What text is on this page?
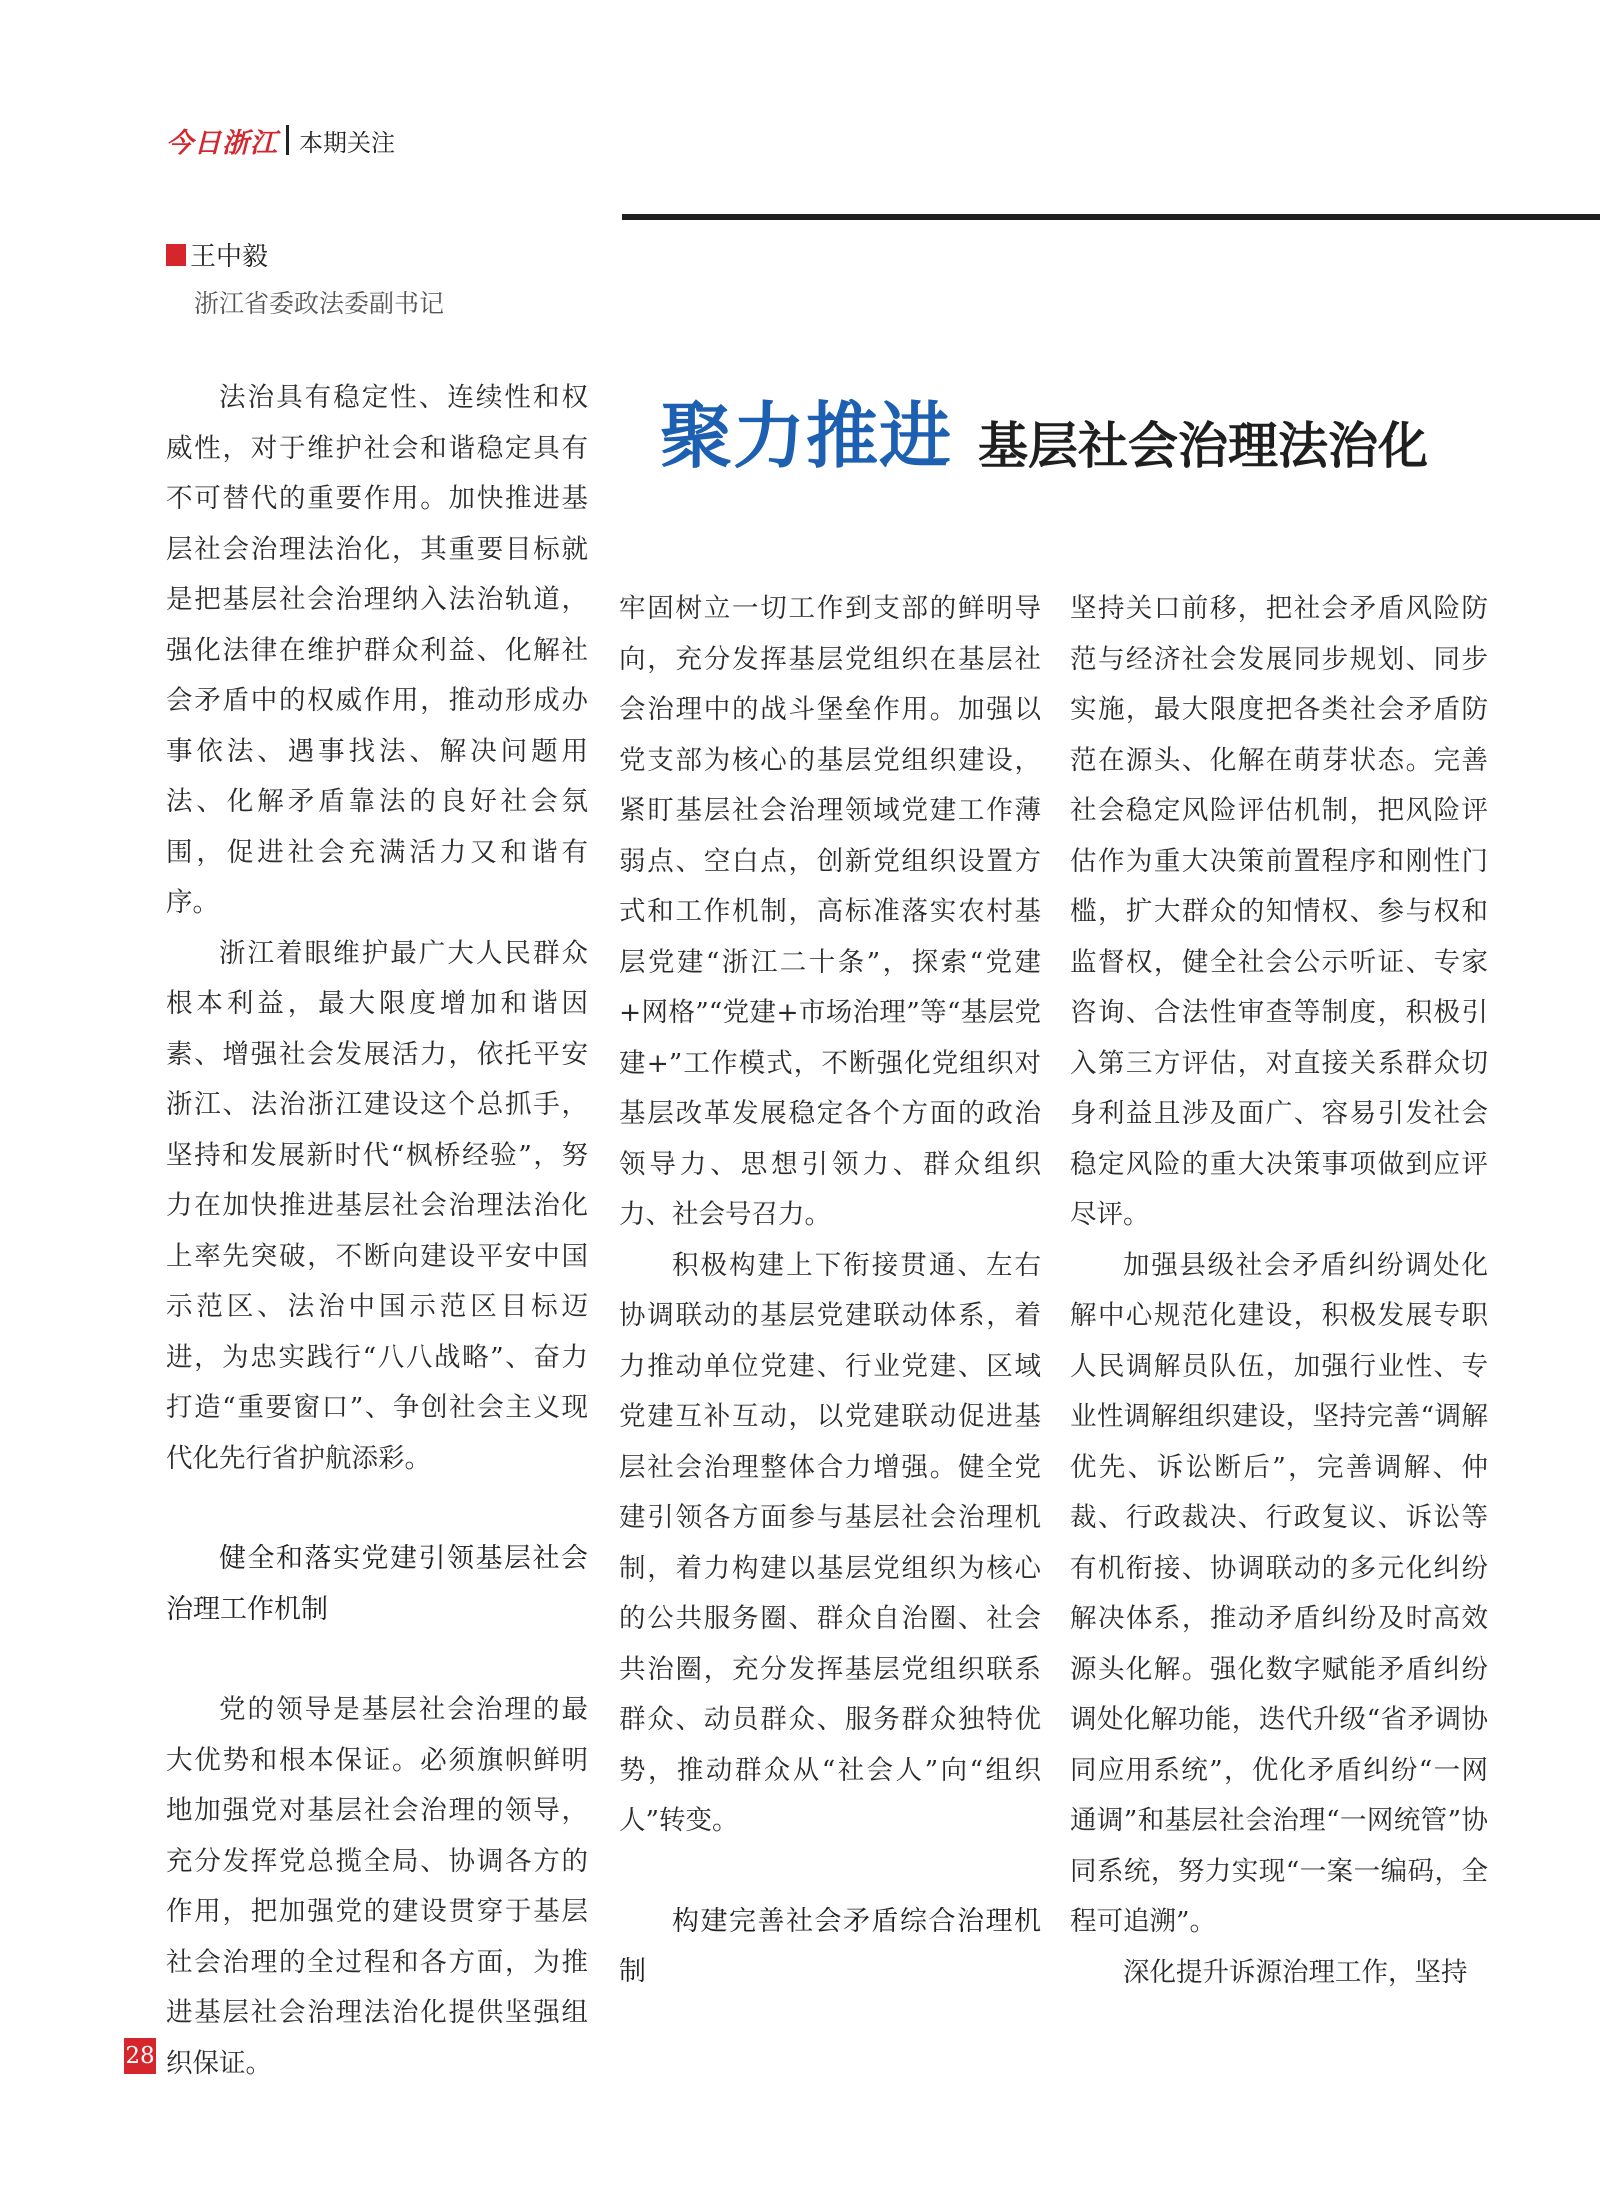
今日浙江 本期关注
王中毅
浙江省委政法委副书记
聚力推进 基层社会治理法治化

法治具有稳定性、连续性和权威性，对于维护社会和谐稳定具有不可替代的重要作用。加快推进基层社会治理法治化，其重要目标就是把基层社会治理纳入法治轨道，强化法律在维护群众利益、化解社会矛盾中的权威作用，推动形成办事依法、遇事找法、解决问题用法、化解矛盾靠法的良好社会氛围，促进社会充满活力又和谐有序。

浙江着眼维护最广大人民群众根本利益，最大限度增加和谐因素、增强社会发展活力，依托平安浙江、法治浙江建设这个总抓手，坚持和发展新时代“枫桥经验”，努力在加快推进基层社会治理法治化上率先突破，不断向建设平安中国示范区、法治中国示范区目标迈进，为忠实践行“八八战略”、奋力打造“重要窗口”、争创社会主义现代化先行省护航添彩。

健全和落实党建引领基层社会治理工作机制

党的领导是基层社会治理的最大优势和根本保证。必须旗帜鲜明地加强党对基层社会治理的领导，充分发挥党总揽全局、协调各方的作用，把加强党的建设贯穿于基层社会治理的全过程和各方面，为推进基层社会治理法治化提供坚强组织保证。

牢固树立一切工作到支部的鲜明导向，充分发挥基层党组织在基层社会治理中的战斗堡垒作用。加强以党支部为核心的基层党组织建设，紧盯基层社会治理领域党建工作薄弱点、空白点，创新党组织设置方式和工作机制，高标准落实农村基层党建“浙江二十条”，探索“党建+网格”“党建+市场治理”等“基层党建+”工作模式，不断强化党组织对基层改革发展稳定各个方面的政治领导力、思想引领力、群众组织力、社会号召力。

积极构建上下衔接贯通、左右协调联动的基层党建联动体系，着力推动单位党建、行业党建、区域党建互补互动，以党建联动促进基层社会治理整体合力增强。健全党建引领各方面参与基层社会治理机制，着力构建以基层党组织为核心的公共服务圈、群众自治圈、社会共治圈，充分发挥基层党组织联系群众、动员群众、服务群众独特优势，推动群众从“社会人”向“组织人”转变。

构建完善社会矛盾综合治理机制

坚持关口前移，把社会矛盾风险防范与经济社会发展同步规划、同步实施，最大限度把各类社会矛盾防范在源头、化解在萌芽状态。完善社会稳定风险评估机制，把风险评估作为重大决策前置程序和刚性门槛，扩大群众的知情权、参与权和监督权，健全社会公示听证、专家咨询、合法性审查等制度，积极引入第三方评估，对直接关系群众切身利益且涉及面广、容易引发社会稳定风险的重大决策事项做到应评尽评。

加强县级社会矛盾纠纷调处化解中心规范化建设，积极发展专职人民调解员队伍，加强行业性、专业性调解组织建设，坚持完善“调解优先、诉讼断后”，完善调解、仲裁、行政裁决、行政复议、诉讼等有机衔接、协调联动的多元化纠纷解决体系，推动矛盾纠纷及时高效源头化解。强化数字赋能矛盾纠纷调处化解功能，迭代升级“省矛调协同应用系统”，优化矛盾纠纷“一网通调”和基层社会治理“一网统管”协同系统，努力实现“一案一编码，全程可追溯”。

深化提升诉源治理工作，坚持

28
